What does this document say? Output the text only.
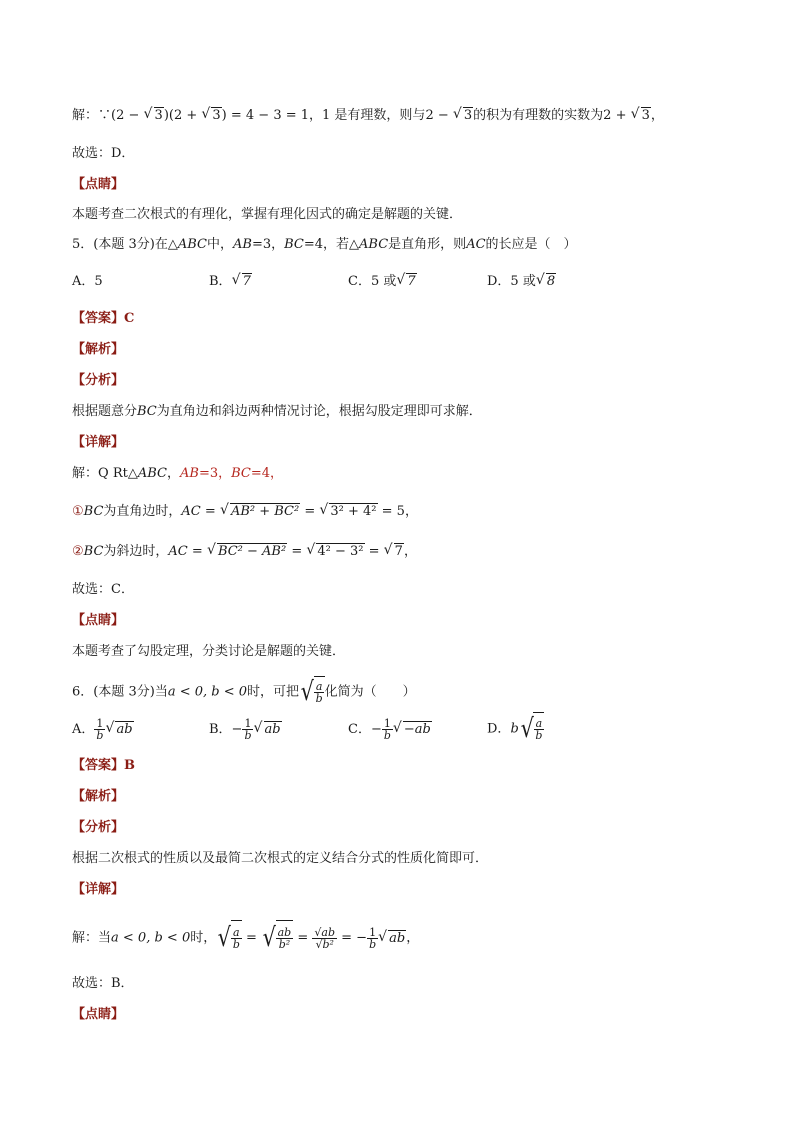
解：∵(2 − √ 3)(2 + √ 3) = 4 − 3 = 1，1 是有理数，则与2 − √ 3的积为有理数的实数为2 + √ 3，
故选：D．
【点睛】
本题考查二次根式的有理化，掌握有理化因式的确定是解题的关键．
5．(本题 3分)在△ABC中，AB=3，BC=4，若△ABC是直角形，则AC的长应是（　）
A．5	B． √ 7	C．5 或 √ 7	D．5 或 √ 8
【答案】C
【解析】
【分析】
根据题意分BC为直角边和斜边两种情况讨论，根据勾股定理即可求解．
【详解】
解：Q Rt△ABC，AB=3，BC=4，
①BC为直角边时，AC = √ AB² + BC² = √ 3² + 4² = 5，
②BC为斜边时，AC = √ BC² − AB² = √ 4² − 3² = √ 7，
故选：C．
【点睛】
本题考查了勾股定理，分类讨论是解题的关键．
6．(本题 3分)当a < 0, b < 0时，可把 √ $\frac{a}{b}$ 化简为（　　）
A． $\frac{1}{b}$ √ ab	B．− $\frac{1}{b}$ √ ab	C．− $\frac{1}{b}$ √ −ab	D．b √ $\frac{a}{b}$
【答案】B
【解析】
【分析】
根据二次根式的性质以及最简二次根式的定义结合分式的性质化简即可．
【详解】
解：当a < 0, b < 0时， √ $\frac{a}{b}$ = √ $\frac{ab}{\text{b²}} = \frac{√ab}{\text{√b²}}$ = − $\frac{1}{b}$ √ ab，
故选：B．
【点睛】
